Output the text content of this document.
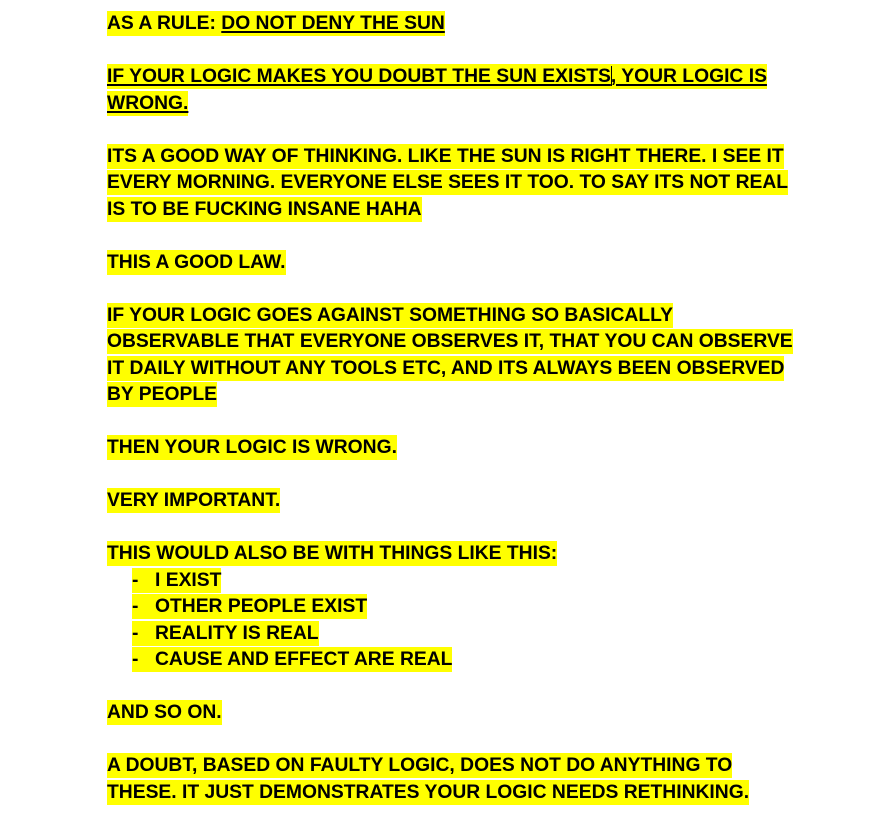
AS A RULE: DO NOT DENY THE SUN

IF YOUR LOGIC MAKES YOU DOUBT THE SUN EXISTS, YOUR LOGIC IS WRONG.

ITS A GOOD WAY OF THINKING. LIKE THE SUN IS RIGHT THERE. I SEE IT EVERY MORNING. EVERYONE ELSE SEES IT TOO. TO SAY ITS NOT REAL IS TO BE FUCKING INSANE HAHA

THIS A GOOD LAW.

IF YOUR LOGIC GOES AGAINST SOMETHING SO BASICALLY OBSERVABLE THAT EVERYONE OBSERVES IT, THAT YOU CAN OBSERVE IT DAILY WITHOUT ANY TOOLS ETC, AND ITS ALWAYS BEEN OBSERVED BY PEOPLE

THEN YOUR LOGIC IS WRONG.

VERY IMPORTANT.

THIS WOULD ALSO BE WITH THINGS LIKE THIS:

- I EXIST
- OTHER PEOPLE EXIST
- REALITY IS REAL
- CAUSE AND EFFECT ARE REAL

AND SO ON.

A DOUBT, BASED ON FAULTY LOGIC, DOES NOT DO ANYTHING TO THESE. IT JUST DEMONSTRATES YOUR LOGIC NEEDS RETHINKING.
